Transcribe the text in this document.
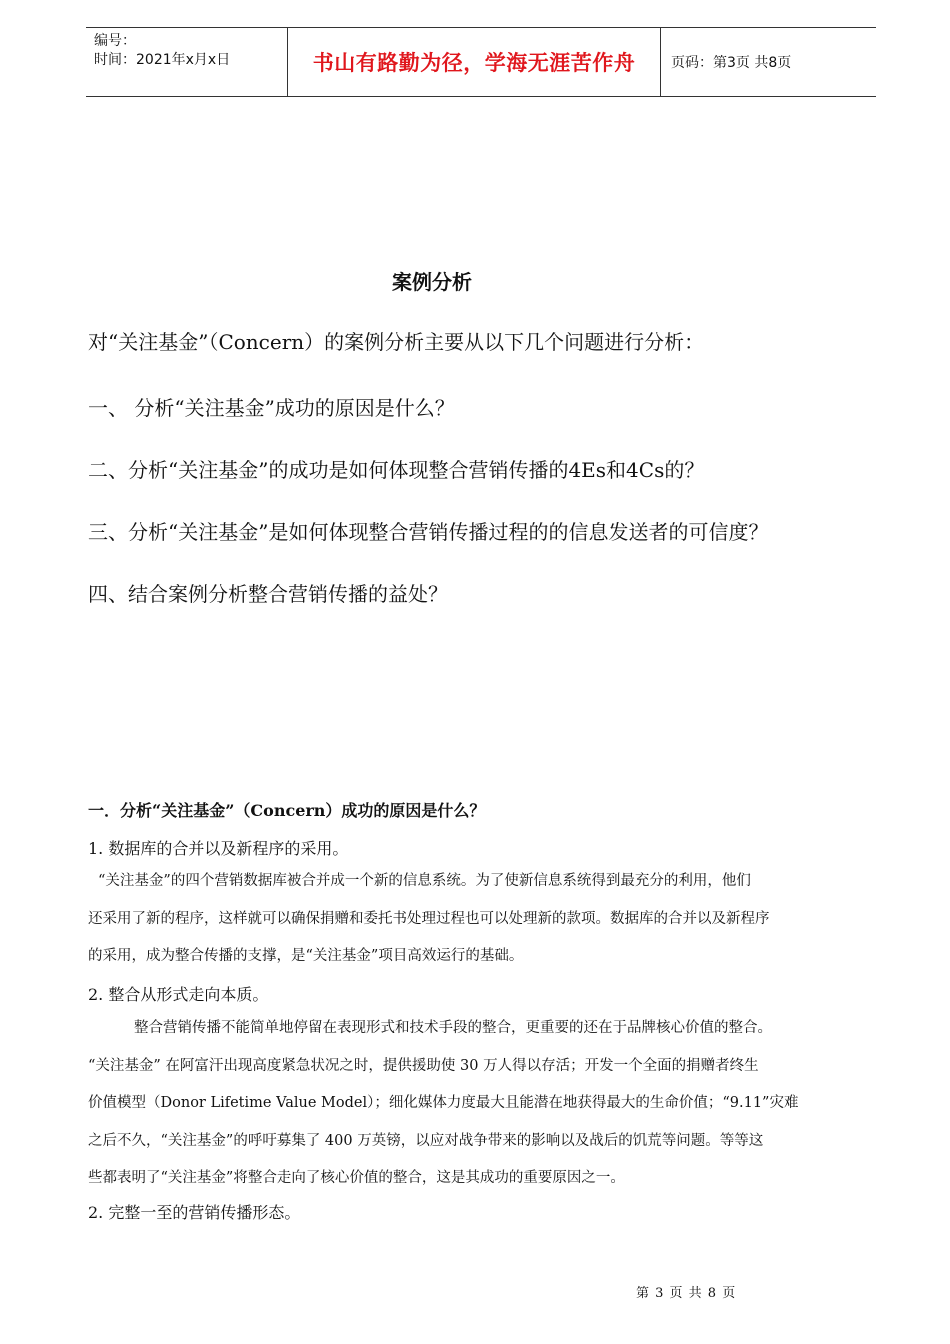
编号：
时间：2021年x月x日	书山有路勤为径，学海无涯苦作舟	页码：第3页 共8页
案例分析
对“关注基金”（Concern）的案例分析主要从以下几个问题进行分析：
一、 分析“关注基金”成功的原因是什么？
二、分析“关注基金”的成功是如何体现整合营销传播的4Es和4Cs的？
三、分析“关注基金”是如何体现整合营销传播过程的的信息发送者的可信度？
四、结合案例分析整合营销传播的益处？
一．分析“关注基金”（Concern）成功的原因是什么？
1. 数据库的合并以及新程序的采用。
“关注基金”的四个营销数据库被合并成一个新的信息系统。为了使新信息系统得到最充分的利用，他们
还采用了新的程序，这样就可以确保捐赠和委托书处理过程也可以处理新的款项。数据库的合并以及新程序
的采用，成为整合传播的支撑，是“关注基金”项目高效运行的基础。
2. 整合从形式走向本质。
整合营销传播不能简单地停留在表现形式和技术手段的整合，更重要的还在于品牌核心价值的整合。
“关注基金” 在阿富汗出现高度紧急状况之时，提供援助使 30 万人得以存活；开发一个全面的捐赠者终生
价值模型（Donor Lifetime Value Model）；细化媒体力度最大且能潜在地获得最大的生命价值；“9.11”灾难
之后不久，“关注基金”的呼吁募集了 400 万英镑，以应对战争带来的影响以及战后的饥荒等问题。等等这
些都表明了“关注基金”将整合走向了核心价值的整合，这是其成功的重要原因之一。
2. 完整一至的营销传播形态。
第 3 页 共 8 页
